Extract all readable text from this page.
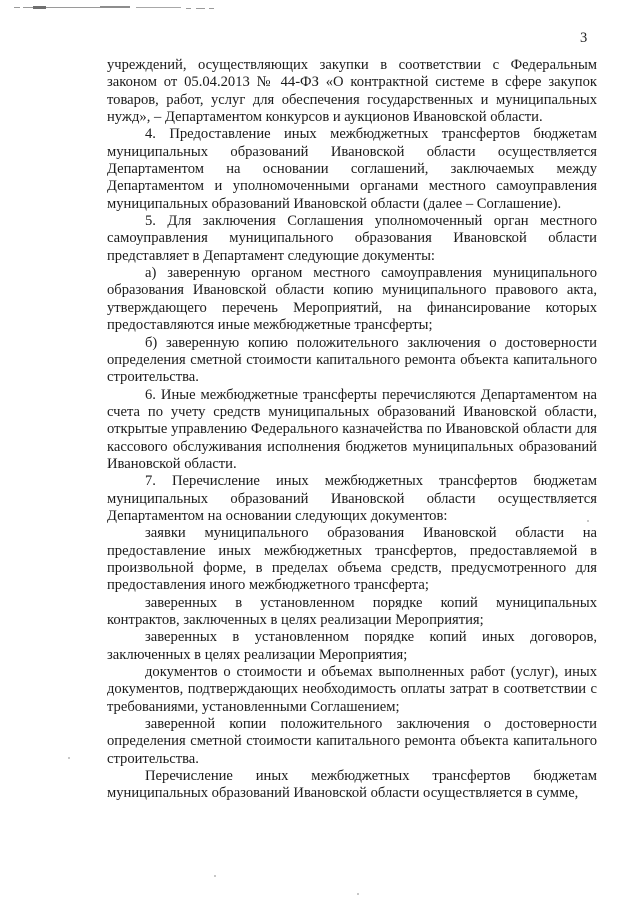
3

учреждений, осуществляющих закупки в соответствии с Федеральным законом от 05.04.2013 № 44-ФЗ «О контрактной системе в сфере закупок товаров, работ, услуг для обеспечения государственных и муниципальных нужд», – Департаментом конкурсов и аукционов Ивановской области.

4. Предоставление иных межбюджетных трансфертов бюджетам муниципальных образований Ивановской области осуществляется Департаментом на основании соглашений, заключаемых между Департаментом и уполномоченными органами местного самоуправления муниципальных образований Ивановской области (далее – Соглашение).

5. Для заключения Соглашения уполномоченный орган местного самоуправления муниципального образования Ивановской области представляет в Департамент следующие документы:

а) заверенную органом местного самоуправления муниципального образования Ивановской области копию муниципального правового акта, утверждающего перечень Мероприятий, на финансирование которых предоставляются иные межбюджетные трансферты;

б) заверенную копию положительного заключения о достоверности определения сметной стоимости капитального ремонта объекта капитального строительства.

6. Иные межбюджетные трансферты перечисляются Департаментом на счета по учету средств муниципальных образований Ивановской области, открытые управлению Федерального казначейства по Ивановской области для кассового обслуживания исполнения бюджетов муниципальных образований Ивановской области.

7. Перечисление иных межбюджетных трансфертов бюджетам муниципальных образований Ивановской области осуществляется Департаментом на основании следующих документов:

заявки муниципального образования Ивановской области на предоставление иных межбюджетных трансфертов, предоставляемой в произвольной форме, в пределах объема средств, предусмотренного для предоставления иного межбюджетного трансферта;

заверенных в установленном порядке копий муниципальных контрактов, заключенных в целях реализации Мероприятия;

заверенных в установленном порядке копий иных договоров, заключенных в целях реализации Мероприятия;

документов о стоимости и объемах выполненных работ (услуг), иных документов, подтверждающих необходимость оплаты затрат в соответствии с требованиями, установленными Соглашением;

заверенной копии положительного заключения о достоверности определения сметной стоимости капитального ремонта объекта капитального строительства.

Перечисление иных межбюджетных трансфертов бюджетам муниципальных образований Ивановской области осуществляется в сумме,
